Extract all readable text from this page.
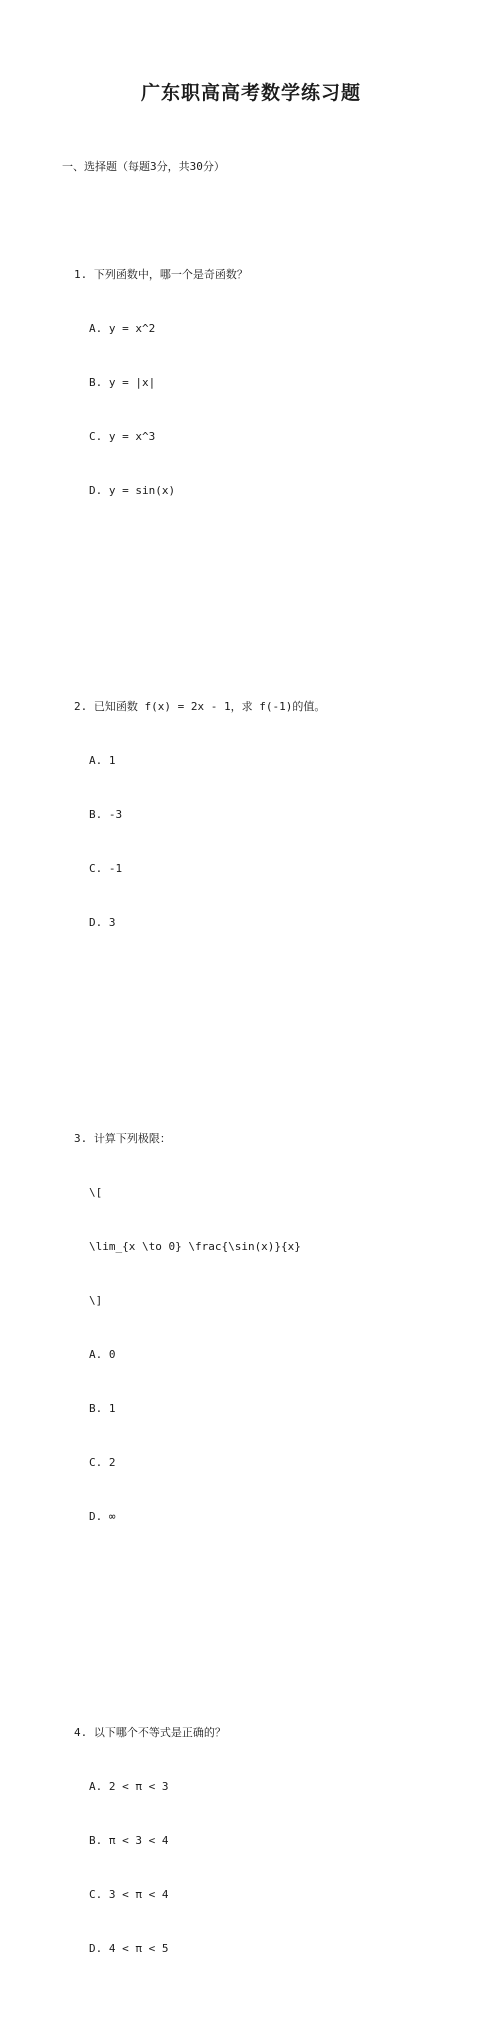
广东职高高考数学练习题

一、选择题（每题3分，共30分）

1. 下列函数中，哪一个是奇函数？

A. y = x^2

B. y = |x|

C. y = x^3

D. y = sin(x)

2. 已知函数 f(x) = 2x - 1，求 f(-1)的值。

A. 1

B. -3

C. -1

D. 3

3. 计算下列极限：

\[

\lim_{x \to 0} \frac{\sin(x)}{x}

\]

A. 0

B. 1

C. 2

D. ∞

4. 以下哪个不等式是正确的？

A. 2 < π < 3

B. π < 3 < 4

C. 3 < π < 4

D. 4 < π < 5
